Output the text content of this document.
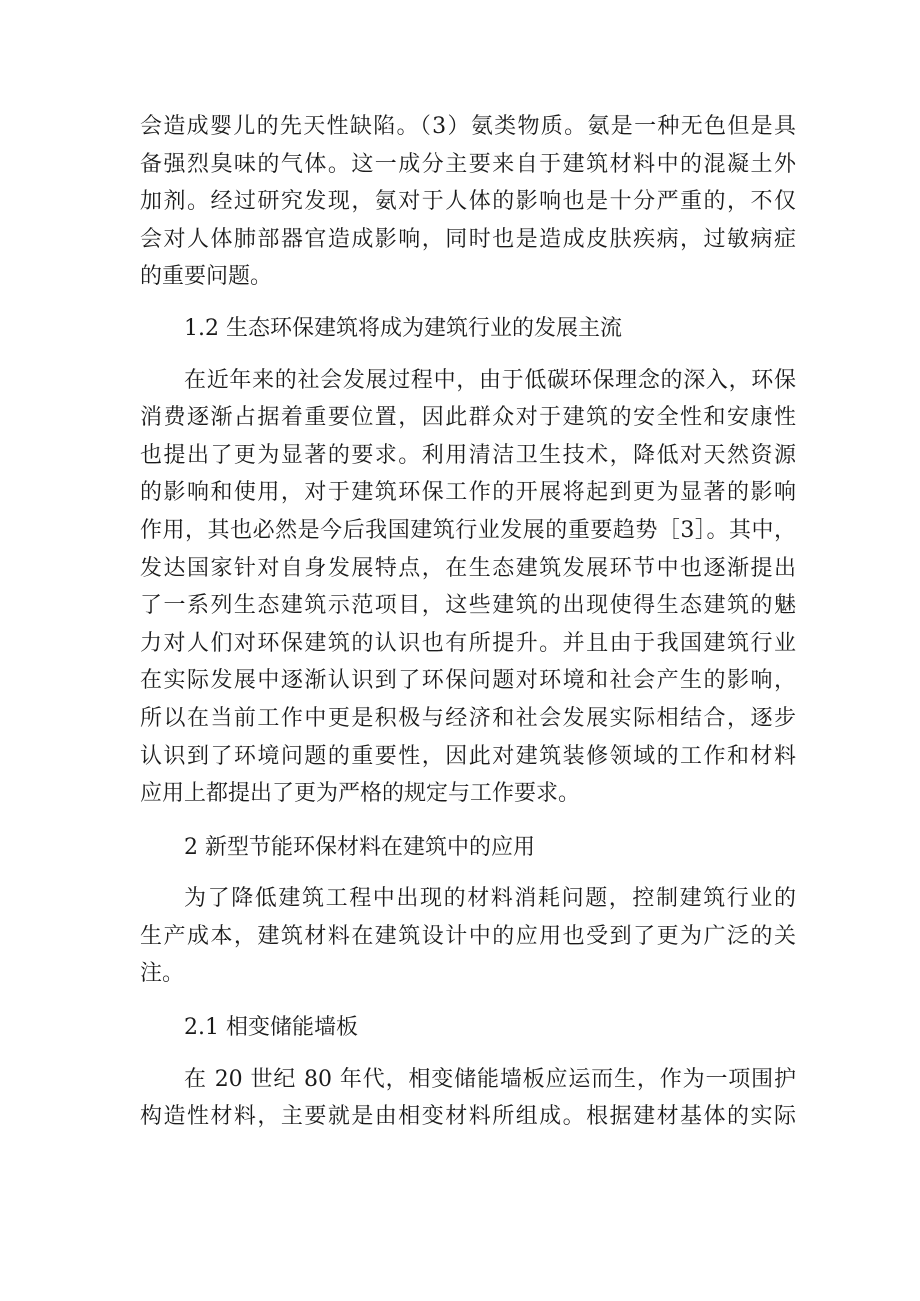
会造成婴儿的先天性缺陷。（3）氨类物质。氨是一种无色但是具
备强烈臭味的气体。这一成分主要来自于建筑材料中的混凝土外
加剂。经过研究发现，氨对于人体的影响也是十分严重的，不仅
会对人体肺部器官造成影响，同时也是造成皮肤疾病，过敏病症
的重要问题。
1.2 生态环保建筑将成为建筑行业的发展主流
在近年来的社会发展过程中，由于低碳环保理念的深入，环保
消费逐渐占据着重要位置，因此群众对于建筑的安全性和安康性
也提出了更为显著的要求。利用清洁卫生技术，降低对天然资源
的影响和使用，对于建筑环保工作的开展将起到更为显著的影响
作用，其也必然是今后我国建筑行业发展的重要趋势［3］。其中，
发达国家针对自身发展特点，在生态建筑发展环节中也逐渐提出
了一系列生态建筑示范项目，这些建筑的出现使得生态建筑的魅
力对人们对环保建筑的认识也有所提升。并且由于我国建筑行业
在实际发展中逐渐认识到了环保问题对环境和社会产生的影响，
所以在当前工作中更是积极与经济和社会发展实际相结合，逐步
认识到了环境问题的重要性，因此对建筑装修领域的工作和材料
应用上都提出了更为严格的规定与工作要求。
2 新型节能环保材料在建筑中的应用
为了降低建筑工程中出现的材料消耗问题，控制建筑行业的
生产成本，建筑材料在建筑设计中的应用也受到了更为广泛的关
注。
2.1 相变储能墙板
在 20 世纪 80 年代，相变储能墙板应运而生，作为一项围护
构造性材料，主要就是由相变材料所组成。根据建材基体的实际
